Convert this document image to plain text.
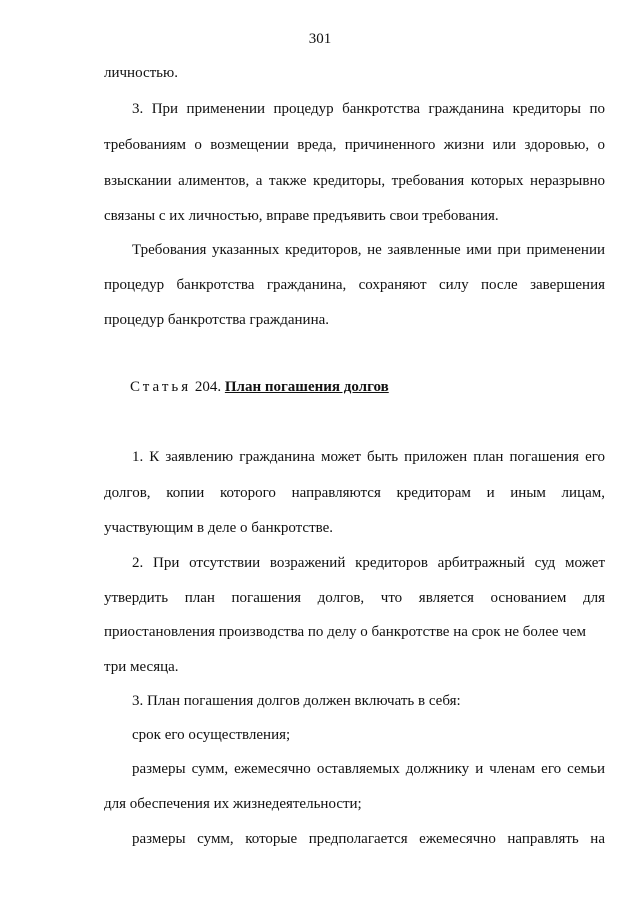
301
личностью.
3. При применении процедур банкротства гражданина кредиторы по
требованиям о возмещении вреда, причиненного жизни или здоровью, о
взыскании алиментов, а также кредиторы, требования которых неразрывно
связаны с их личностью, вправе предъявить свои требования.
Требования указанных кредиторов, не заявленные ими при применении
процедур банкротства гражданина, сохраняют силу после завершения
процедур банкротства гражданина.
Статья 204. План погашения долгов
1. К заявлению гражданина может быть приложен план погашения его
долгов, копии которого направляются кредиторам и иным лицам,
участвующим в деле о банкротстве.
2. При отсутствии возражений кредиторов арбитражный суд может
утвердить план погашения долгов, что является основанием для
приостановления производства по делу о банкротстве на срок не более чем
три месяца.
3. План погашения долгов должен включать в себя:
срок его осуществления;
размеры сумм, ежемесячно оставляемых должнику и членам его семьи
для обеспечения их жизнедеятельности;
размеры сумм, которые предполагается ежемесячно направлять на
